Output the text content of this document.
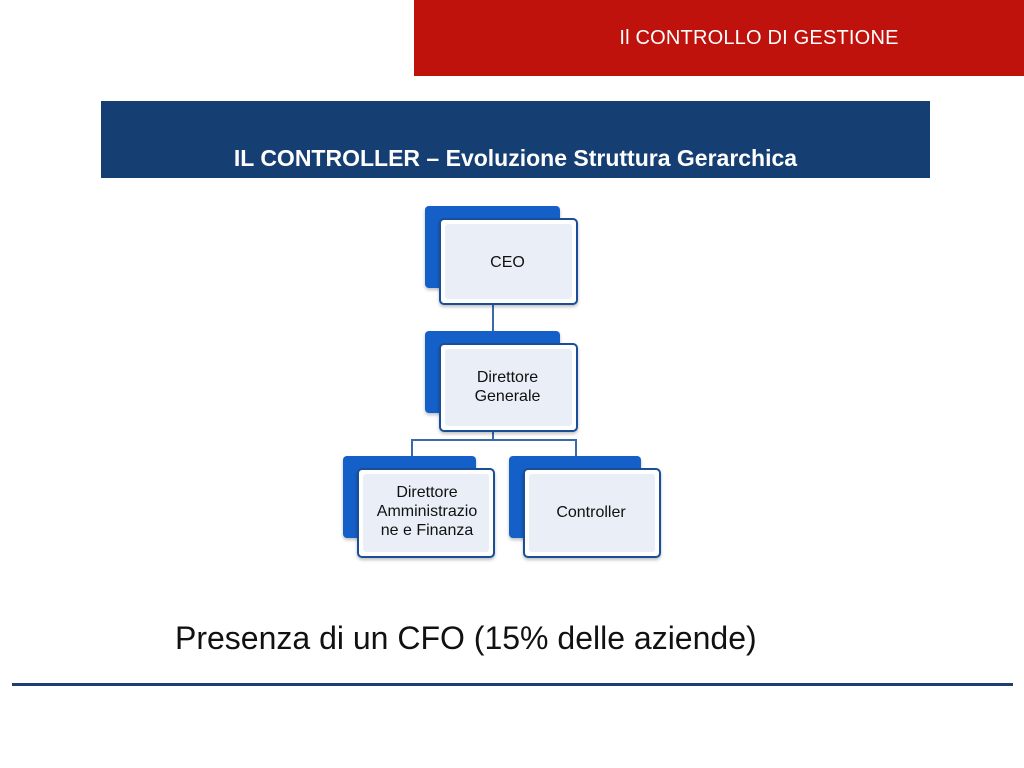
Il CONTROLLO DI GESTIONE
IL CONTROLLER – Evoluzione Struttura Gerarchica
CEO
Direttore
Generale
Direttore
Amministrazio
ne e Finanza
Controller
Presenza di un CFO (15% delle aziende)
